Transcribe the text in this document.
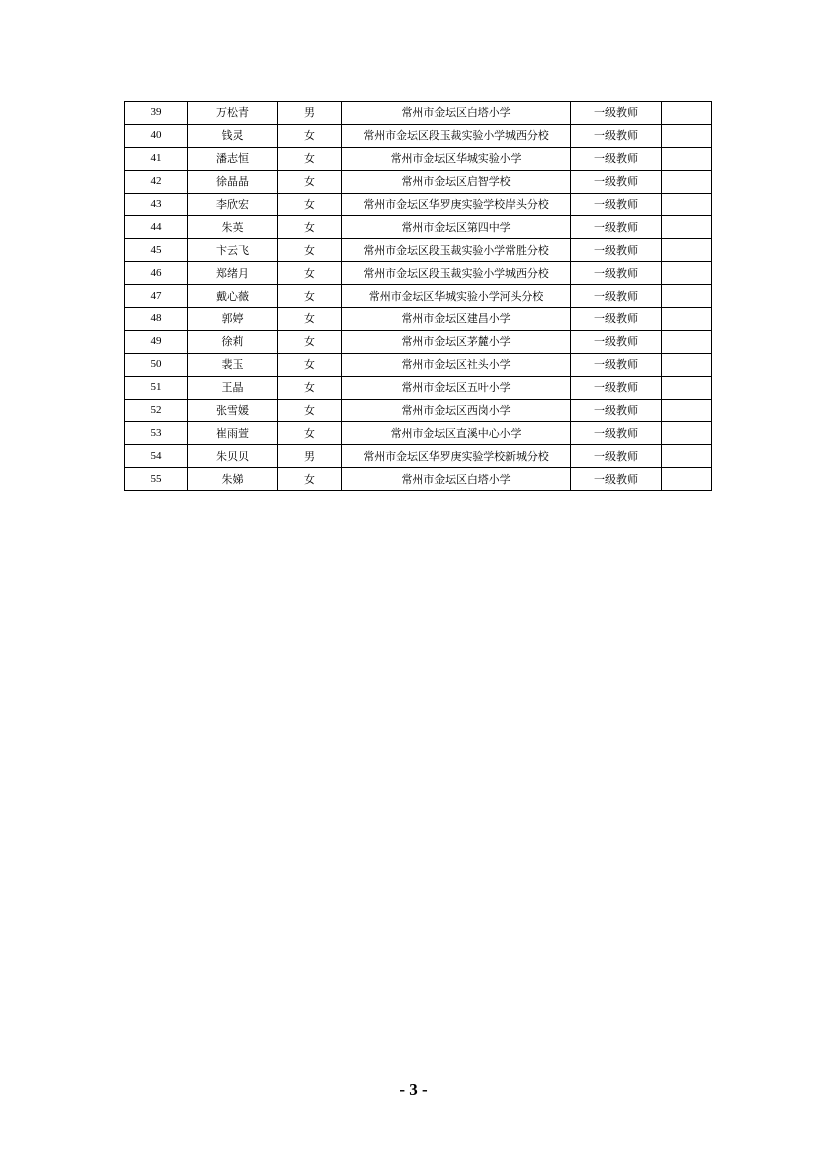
39	万松青	男	常州市金坛区白塔小学	一级教师	
40	钱灵	女	常州市金坛区段玉裁实验小学城西分校	一级教师	
41	潘志恒	女	常州市金坛区华城实验小学	一级教师	
42	徐晶晶	女	常州市金坛区启智学校	一级教师	
43	李欣宏	女	常州市金坛区华罗庚实验学校岸头分校	一级教师	
44	朱英	女	常州市金坛区第四中学	一级教师	
45	卞云飞	女	常州市金坛区段玉裁实验小学常胜分校	一级教师	
46	郑绪月	女	常州市金坛区段玉裁实验小学城西分校	一级教师	
47	戴心薇	女	常州市金坛区华城实验小学河头分校	一级教师	
48	郭婷	女	常州市金坛区建昌小学	一级教师	
49	徐莉	女	常州市金坛区茅麓小学	一级教师	
50	裴玉	女	常州市金坛区社头小学	一级教师	
51	王晶	女	常州市金坛区五叶小学	一级教师	
52	张雪媛	女	常州市金坛区西岗小学	一级教师	
53	崔雨萱	女	常州市金坛区直溪中心小学	一级教师	
54	朱贝贝	男	常州市金坛区华罗庚实验学校新城分校	一级教师	
55	朱娣	女	常州市金坛区白塔小学	一级教师	
- 3 -
